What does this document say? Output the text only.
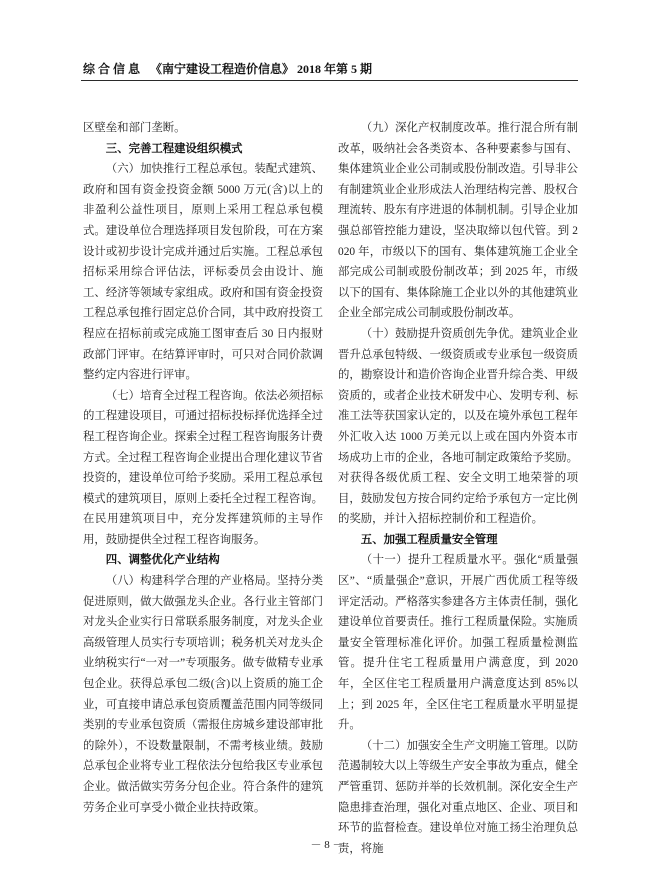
综 合 信 息 《南宁建设工程造价信息》 2018 年第 5 期

区壁垒和部门垄断。

三、完善工程建设组织模式

（六）加快推行工程总承包。装配式建筑、政府和国有资金投资金额 5000 万元(含)以上的非盈利公益性项目，原则上采用工程总承包模式。建设单位合理选择项目发包阶段，可在方案设计或初步设计完成并通过后实施。工程总承包招标采用综合评估法，评标委员会由设计、施工、经济等领域专家组成。政府和国有资金投资工程总承包推行固定总价合同，其中政府投资工程应在招标前或完成施工图审查后 30 日内报财政部门评审。在结算评审时，可只对合同价款调整约定内容进行评审。

（七）培育全过程工程咨询。依法必须招标的工程建设项目，可通过招标投标择优选择全过程工程咨询企业。探索全过程工程咨询服务计费方式。全过程工程咨询企业提出合理化建议节省投资的，建设单位可给予奖励。采用工程总承包模式的建筑项目，原则上委托全过程工程咨询。在民用建筑项目中，充分发挥建筑师的主导作用，鼓励提供全过程工程咨询服务。

四、调整优化产业结构

（八）构建科学合理的产业格局。坚持分类促进原则，做大做强龙头企业。各行业主管部门对龙头企业实行日常联系服务制度，对龙头企业高级管理人员实行专项培训；税务机关对龙头企业纳税实行“一对一”专项服务。做专做精专业承包企业。获得总承包二级(含)以上资质的施工企业，可直接申请总承包资质覆盖范围内同等级同类别的专业承包资质（需报住房城乡建设部审批的除外），不设数量限制，不需考核业绩。鼓励总承包企业将专业工程依法分包给我区专业承包企业。做活做实劳务分包企业。符合条件的建筑劳务企业可享受小微企业扶持政策。

（九）深化产权制度改革。推行混合所有制改革，吸纳社会各类资本、各种要素参与国有、集体建筑业企业公司制或股份制改造。引导非公有制建筑业企业形成法人治理结构完善、股权合理流转、股东有序进退的体制机制。引导企业加强总部管控能力建设，坚决取缔以包代管。到 2020 年，市级以下的国有、集体建筑施工企业全部完成公司制或股份制改革；到 2025 年，市级以下的国有、集体除施工企业以外的其他建筑业企业全部完成公司制或股份制改革。

（十）鼓励提升资质创先争优。建筑业企业晋升总承包特级、一级资质或专业承包一级资质的，勘察设计和造价咨询企业晋升综合类、甲级资质的，或者企业技术研发中心、发明专利、标准工法等获国家认定的，以及在境外承包工程年外汇收入达 1000 万美元以上或在国内外资本市场成功上市的企业，各地可制定政策给予奖励。对获得各级优质工程、安全文明工地荣誉的项目，鼓励发包方按合同约定给予承包方一定比例的奖励，并计入招标控制价和工程造价。

五、加强工程质量安全管理

（十一）提升工程质量水平。强化“质量强区”、“质量强企”意识，开展广西优质工程等级评定活动。严格落实参建各方主体责任制，强化建设单位首要责任。推行工程质量保险。实施质量安全管理标准化评价。加强工程质量检测监管。提升住宅工程质量用户满意度，到 2020 年，全区住宅工程质量用户满意度达到 85%以上；到 2025 年，全区住宅工程质量水平明显提升。

（十二）加强安全生产文明施工管理。以防范遏制较大以上等级生产安全事故为重点，健全严管重罚、惩防并举的长效机制。深化安全生产隐患排查治理，强化对重点地区、企业、项目和环节的监督检查。建设单位对施工扬尘治理负总责，将施

－ 8 －
